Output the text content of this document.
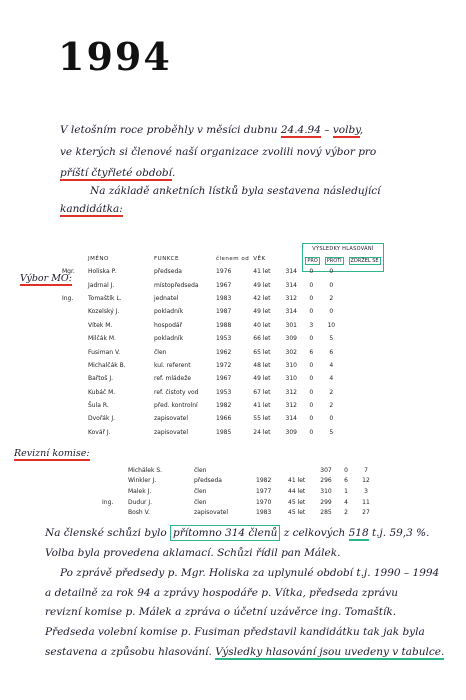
1994
V letošním roce proběhly v měsíci dubnu 24.4.94 – volby,
ve kterých si členové naší organizace zvolili nový výbor pro
příští čtyřleté období.
Na základě anketních lístků byla sestavena následující
kandidátka:
Výbor MO:
VÝSLEDKY HLASOVÁNÍ
PRO	PROTI	ZDRŽEL SE
	JMÉNO	FUNKCE	členem od	VĚK			
Mgr.	Holiska P.	předseda	1976	41 let	314	0	0
	Jadrnal J.	místopředseda	1967	49 let	314	0	0
Ing.	Tomaštík L.	jednatel	1983	42 let	312	0	2
	Kozelský J.	pokladník	1987	49 let	314	0	0
	Vítek M.	hospodář	1988	40 let	301	3	10
	Milčák M.	pokladník	1953	66 let	309	0	5
	Fusiman V.	člen	1962	65 let	302	6	6
	Michalčák B.	kul. referent	1972	48 let	310	0	4
	Bařtoš J.	ref. mládeže	1967	49 let	310	0	4
	Kubáč M.	ref. čistoty vod	1953	67 let	312	0	2
	Šula R.	před. kontrolní	1982	41 let	312	0	2
	Dvořák J.	zapisovatel	1966	55 let	314	0	0
	Kovář J.	zapisovatel	1985	24 let	309	0	5
Revizní komise:
	Michálek S.	člen			307	0	7
	Winkler J.	předseda	1982	41 let	296	6	12
	Malek J.	člen	1977	44 let	310	1	3
Ing.	Dudur J.	člen	1970	45 let	299	4	11
	Bosh V.	zapisovatel	1983	45 let	285	2	27
Na členské schůzi bylo přítomno 314 členů z celkových 518 t.j. 59,3 %.
Volba byla provedena aklamací. Schůzi řídil pan Málek.
Po zprávě předsedy p. Mgr. Holiska za uplynulé období t.j. 1990 – 1994
a detailně za rok 94 a zprávy hospodáře p. Vítka, předseda zprávu
revizní komise p. Málek a zpráva o účetní uzávěrce ing. Tomaštík.
Předseda volební komise p. Fusiman představil kandidátku tak jak byla
sestavena a způsobu hlasování. Výsledky hlasování jsou uvedeny v tabulce.
